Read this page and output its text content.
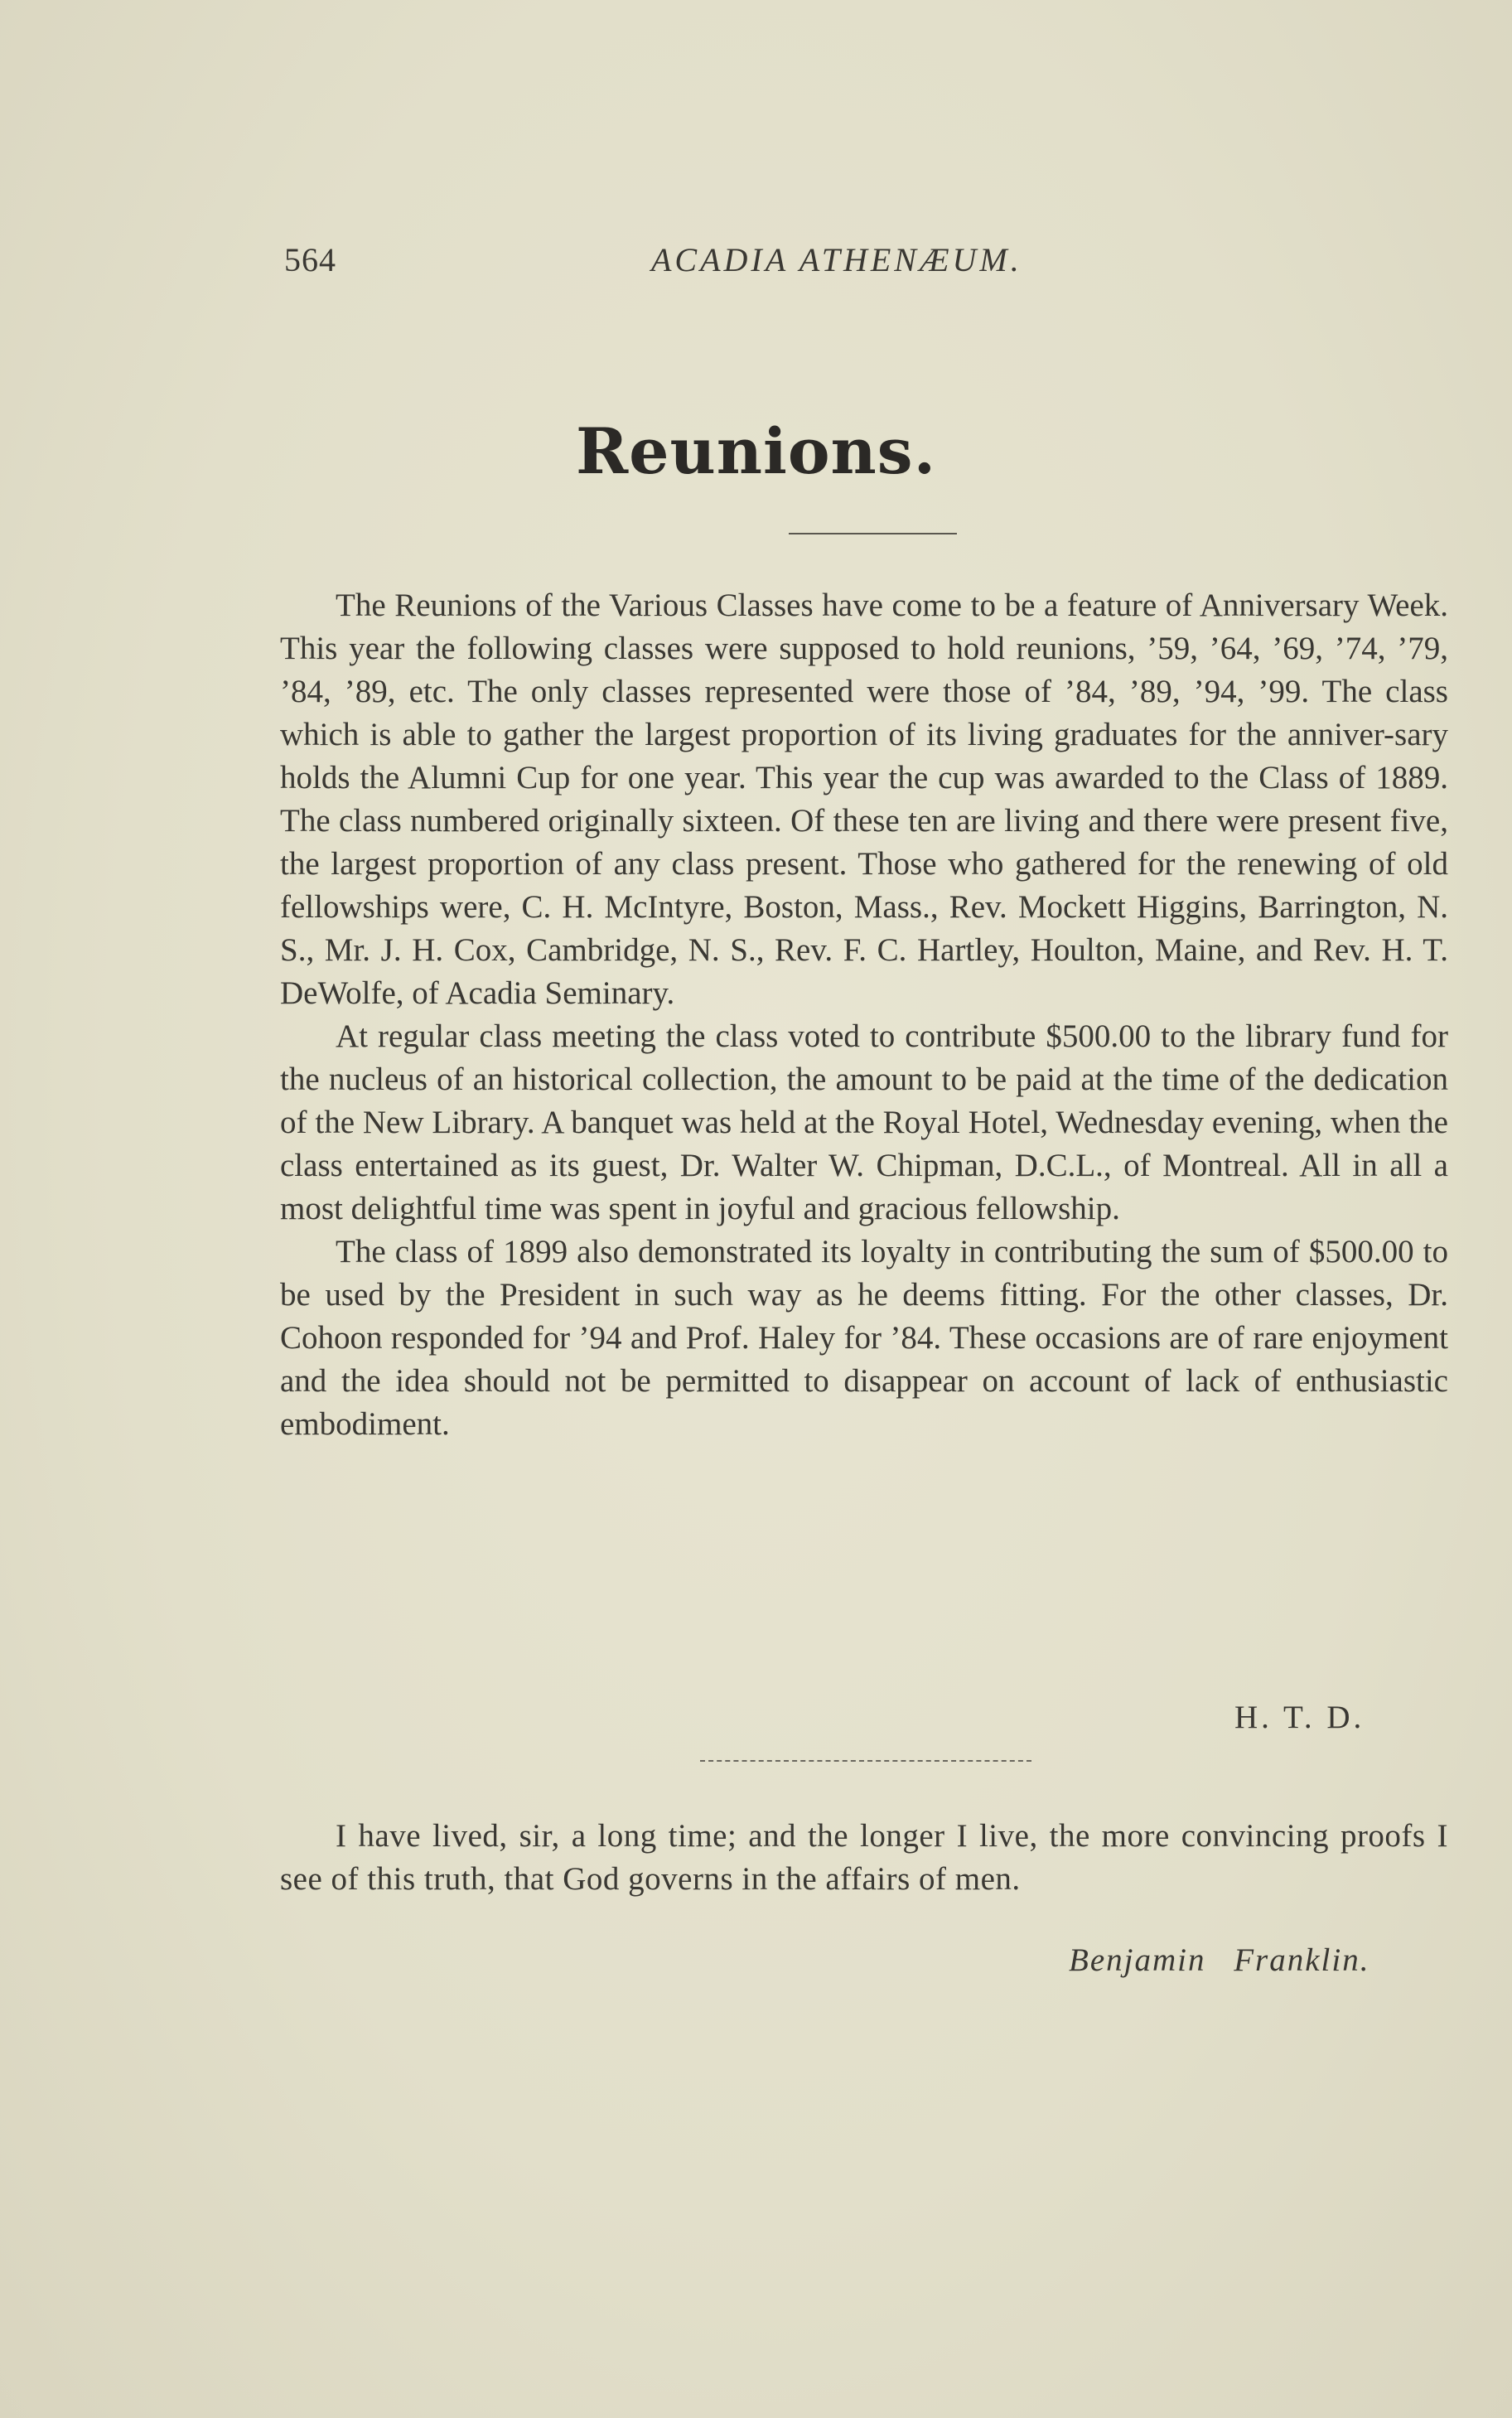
564	ACADIA ATHENÆUM.
Reunions.

The Reunions of the Various Classes have come to be a feature of Anniversary Week. This year the following classes were supposed to hold reunions, ’59, ’64, ’69, ’74, ’79, ’84, ’89, etc. The only classes represented were those of ’84, ’89, ’94, ’99. The class which is able to gather the largest proportion of its living graduates for the anniver-sary holds the Alumni Cup for one year. This year the cup was awarded to the Class of 1889. The class numbered originally sixteen. Of these ten are living and there were present five, the largest proportion of any class present. Those who gathered for the renewing of old fellowships were, C. H. McIntyre, Boston, Mass., Rev. Mockett Higgins, Barrington, N. S., Mr. J. H. Cox, Cambridge, N. S., Rev. F. C. Hartley, Houlton, Maine, and Rev. H. T. DeWolfe, of Acadia Seminary.

At regular class meeting the class voted to contribute $500.00 to the library fund for the nucleus of an historical collection, the amount to be paid at the time of the dedication of the New Library. A banquet was held at the Royal Hotel, Wednesday evening, when the class entertained as its guest, Dr. Walter W. Chipman, D.C.L., of Montreal. All in all a most delightful time was spent in joyful and gracious fellowship.

The class of 1899 also demonstrated its loyalty in contributing the sum of $500.00 to be used by the President in such way as he deems fitting. For the other classes, Dr. Cohoon responded for ’94 and Prof. Haley for ’84. These occasions are of rare enjoyment and the idea should not be permitted to disappear on account of lack of enthusiastic embodiment.

H. T. D.

I have lived, sir, a long time; and the longer I live, the more convincing proofs I see of this truth, that God governs in the affairs of men.

Benjamin Franklin.
